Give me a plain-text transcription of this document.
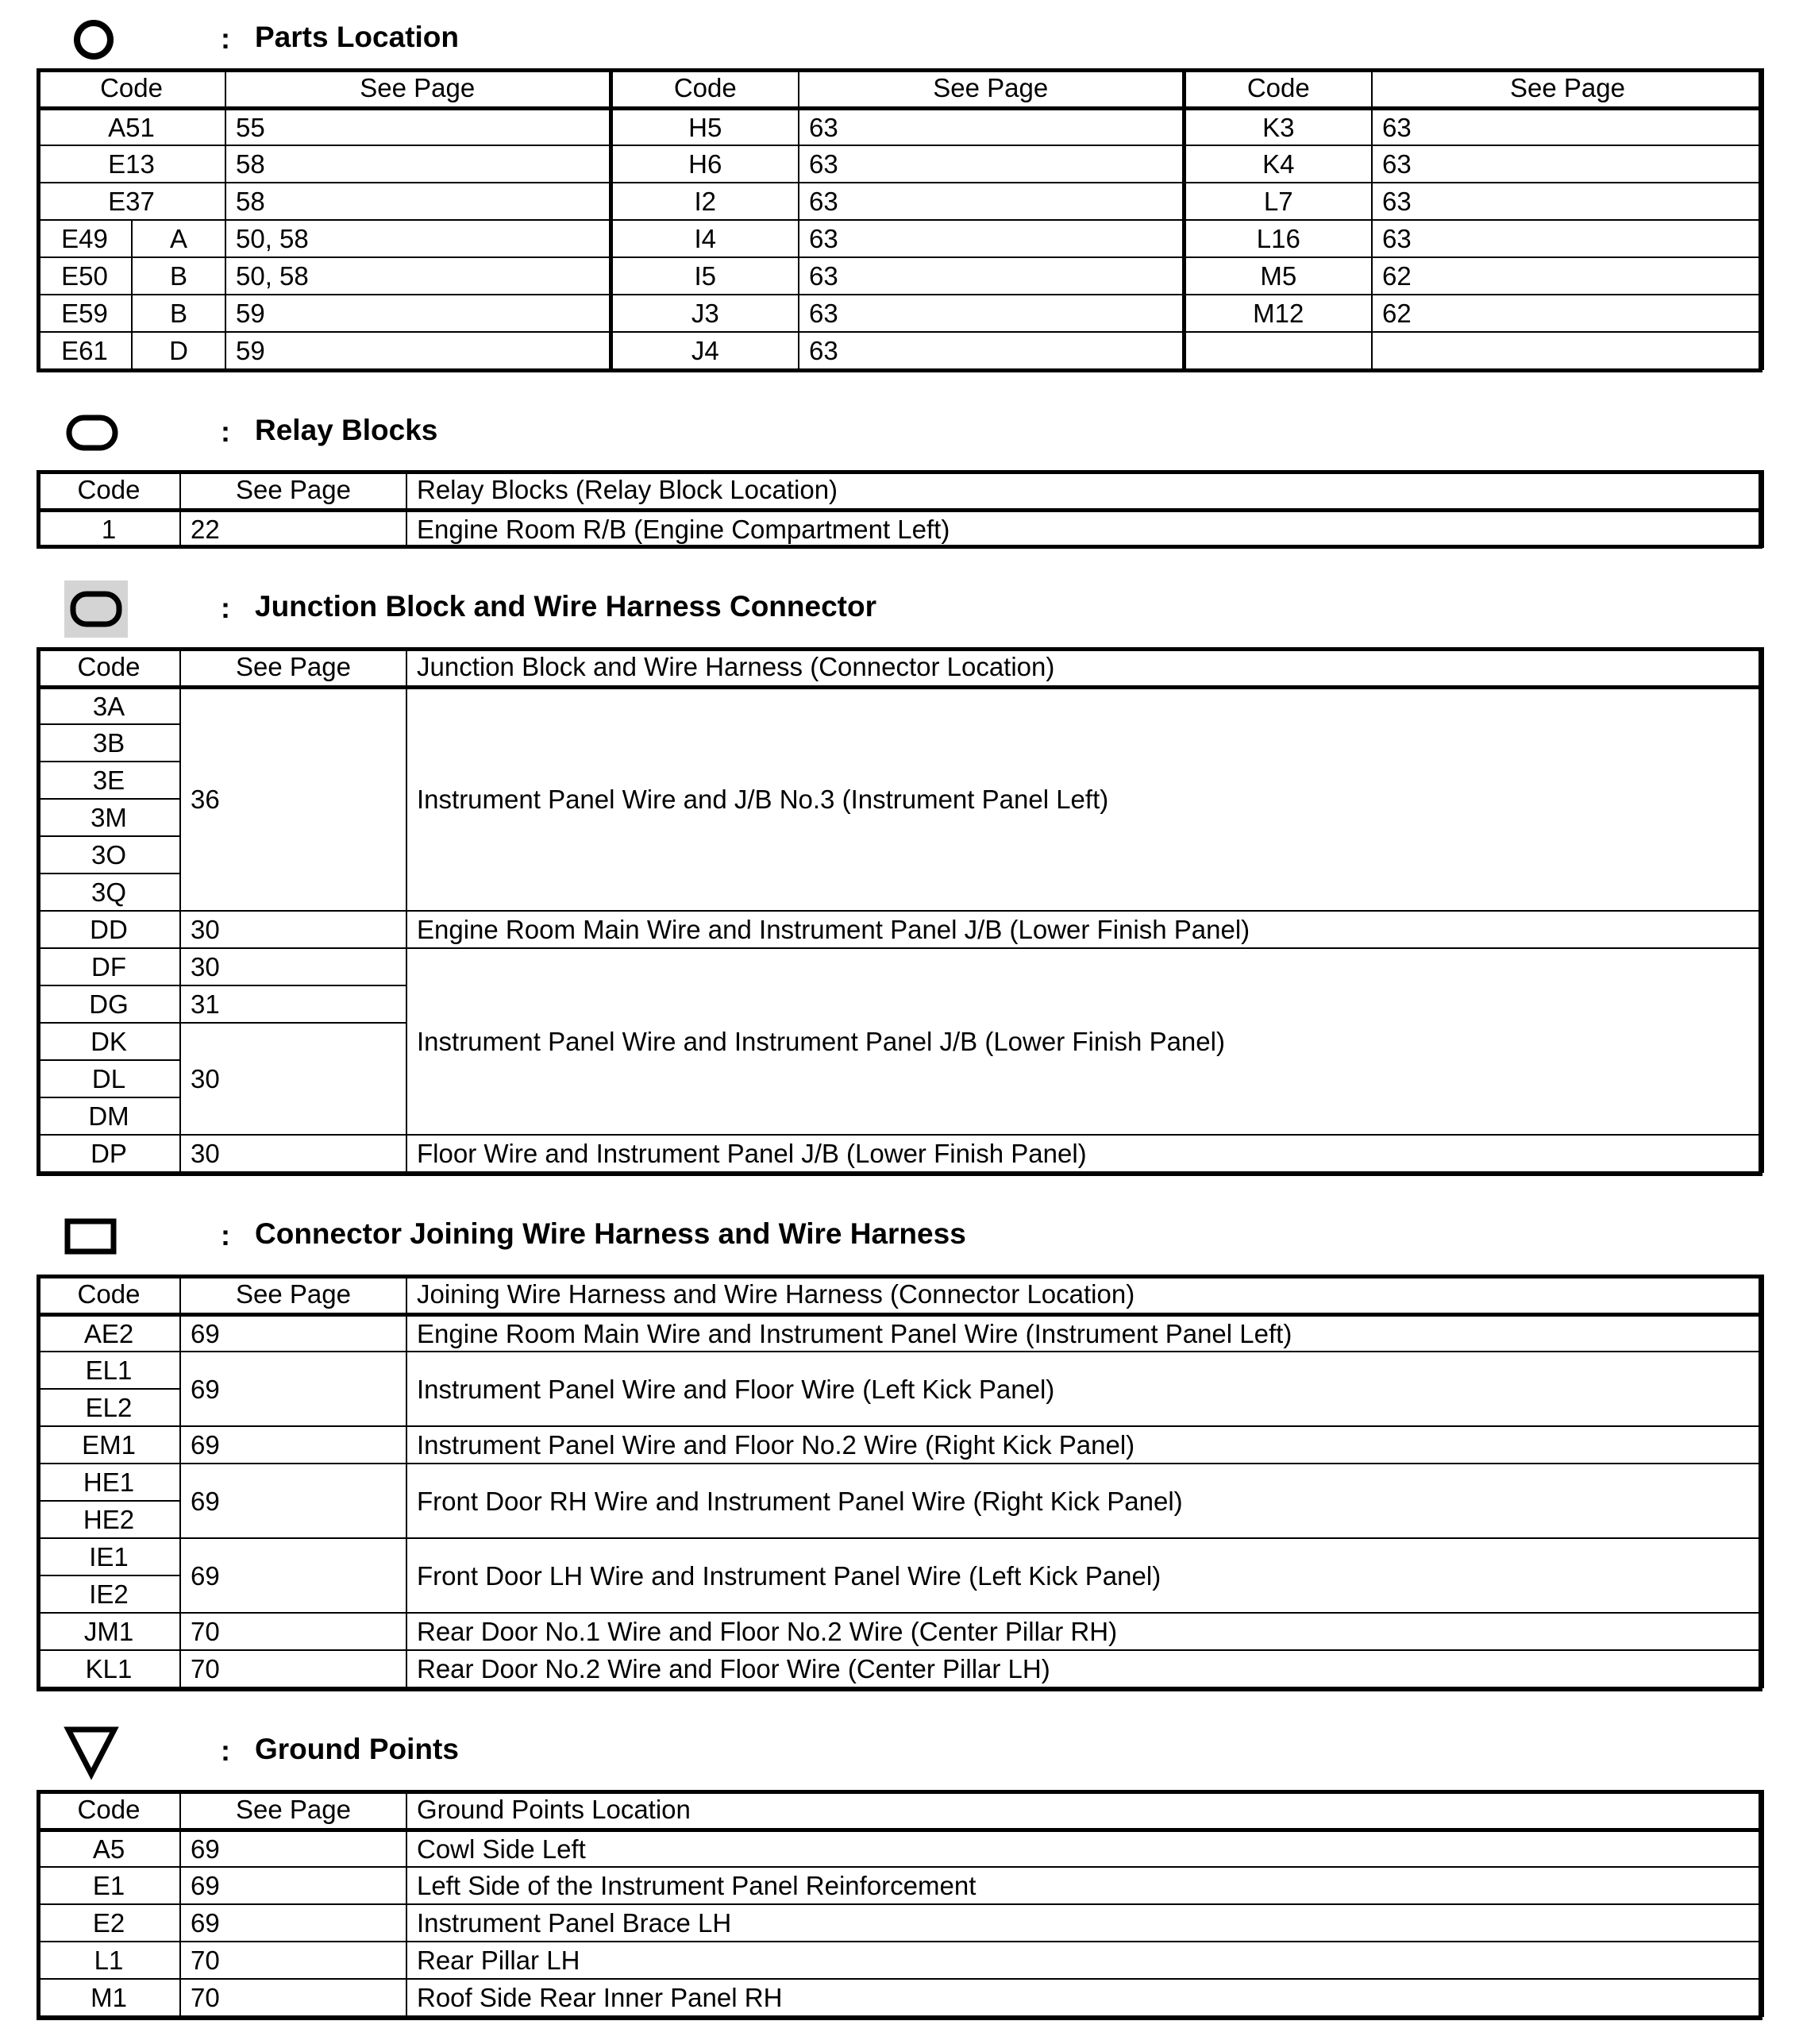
: Parts Location
Code		See Page	Code	See Page	Code	See Page
A51		55	H5	63	K3	63
E13		58	H6	63	K4	63
E37		58	I2	63	L7	63
E49	A	50, 58	I4	63	L16	63
E50	B	50, 58	I5	63	M5	62
E59	B	59	J3	63	M12	62
E61	D	59	J4	63		
: Relay Blocks
Code	See Page	Relay Blocks (Relay Block Location)
1	22	Engine Room R/B (Engine Compartment Left)
: Junction Block and Wire Harness Connector
Code	See Page	Junction Block and Wire Harness (Connector Location)
3A	36	Instrument Panel Wire and J/B No.3 (Instrument Panel Left)
3B		
3E		
3M		
3O		
3Q		
DD	30	Engine Room Main Wire and Instrument Panel J/B (Lower Finish Panel)
DF	30	Instrument Panel Wire and Instrument Panel J/B (Lower Finish Panel)
DG	31	
DK	30	
DL		
DM		
DP	30	Floor Wire and Instrument Panel J/B (Lower Finish Panel)
: Connector Joining Wire Harness and Wire Harness
Code	See Page	Joining Wire Harness and Wire Harness (Connector Location)
AE2	69	Engine Room Main Wire and Instrument Panel Wire (Instrument Panel Left)
EL1	69	Instrument Panel Wire and Floor Wire (Left Kick Panel)
EL2		
EM1	69	Instrument Panel Wire and Floor No.2 Wire (Right Kick Panel)
HE1	69	Front Door RH Wire and Instrument Panel Wire (Right Kick Panel)
HE2		
IE1	69	Front Door LH Wire and Instrument Panel Wire (Left Kick Panel)
IE2		
JM1	70	Rear Door No.1 Wire and Floor No.2 Wire (Center Pillar RH)
KL1	70	Rear Door No.2 Wire and Floor Wire (Center Pillar LH)
: Ground Points
Code	See Page	Ground Points Location
A5	69	Cowl Side Left
E1	69	Left Side of the Instrument Panel Reinforcement
E2	69	Instrument Panel Brace LH
L1	70	Rear Pillar LH
M1	70	Roof Side Rear Inner Panel RH
